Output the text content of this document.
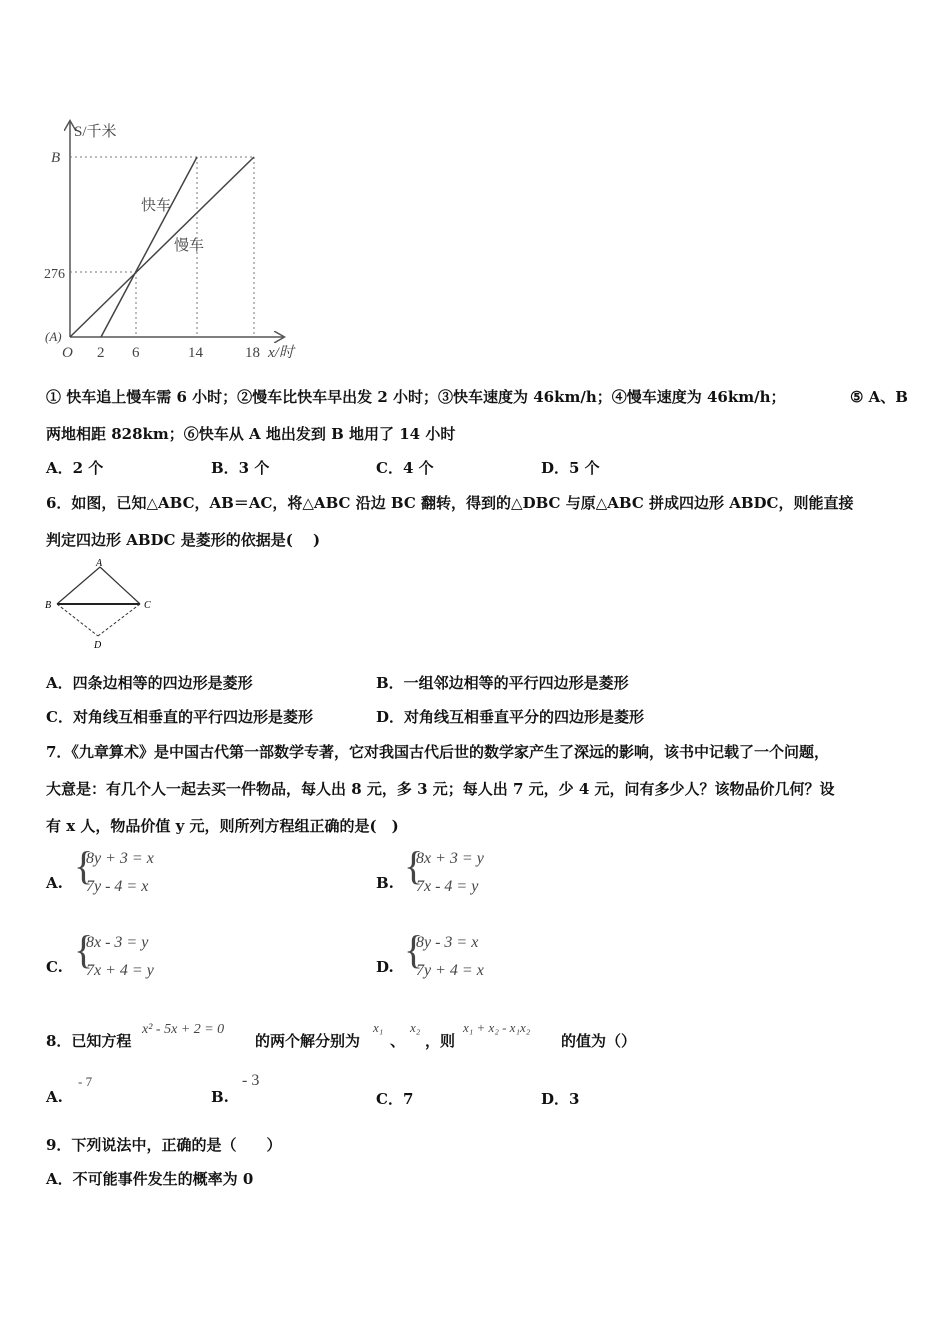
S/千米
x/时
O
(A)
B
276
2 6	14	18
快车
慢车
① 快车追上慢车需 6 小时；②慢车比快车早出发 2 小时；③快车速度为 46km/h；④慢车速度为 46km/h；	⑤ A、B
两地相距 828km；⑥快车从 A 地出发到 B 地用了 14 小时
A．2 个	B．3 个	C．4 个	D．5 个
6．如图，已知△ABC，AB＝AC，将△ABC 沿边 BC 翻转，得到的△DBC 与原△ABC 拼成四边形 ABDC，则能直接
判定四边形 ABDC 是菱形的依据是(　 )
A
B	C
D
A．四条边相等的四边形是菱形	B．一组邻边相等的平行四边形是菱形
C．对角线互相垂直的平行四边形是菱形	D．对角线互相垂直平分的四边形是菱形
7．《九章算术》是中国古代第一部数学专著，它对我国古代后世的数学家产生了深远的影响，该书中记载了一个问题，
大意是：有几个人一起去买一件物品，每人出 8 元，多 3 元；每人出 7 元，少 4 元，问有多少人？该物品价几何？设
有 x 人，物品价值 y 元，则所列方程组正确的是(　)
A. {
8y + 3 = x
7y - 4 = x	B. {
8x + 3 = y
7x - 4 = y
C. {
8x - 3 = y
7x + 4 = y	D. {
8y - 3 = x
7y + 4 = x
8．已知方程
x² - 5x + 2 = 0
的两个解分别为
x₁
、
x₂
，则
x₁ + x₂ - x₁x₂
的值为（）
A.
- 7
B.
- 3
C．7	D．3
9．下列说法中，正确的是（　　）
A．不可能事件发生的概率为 0
